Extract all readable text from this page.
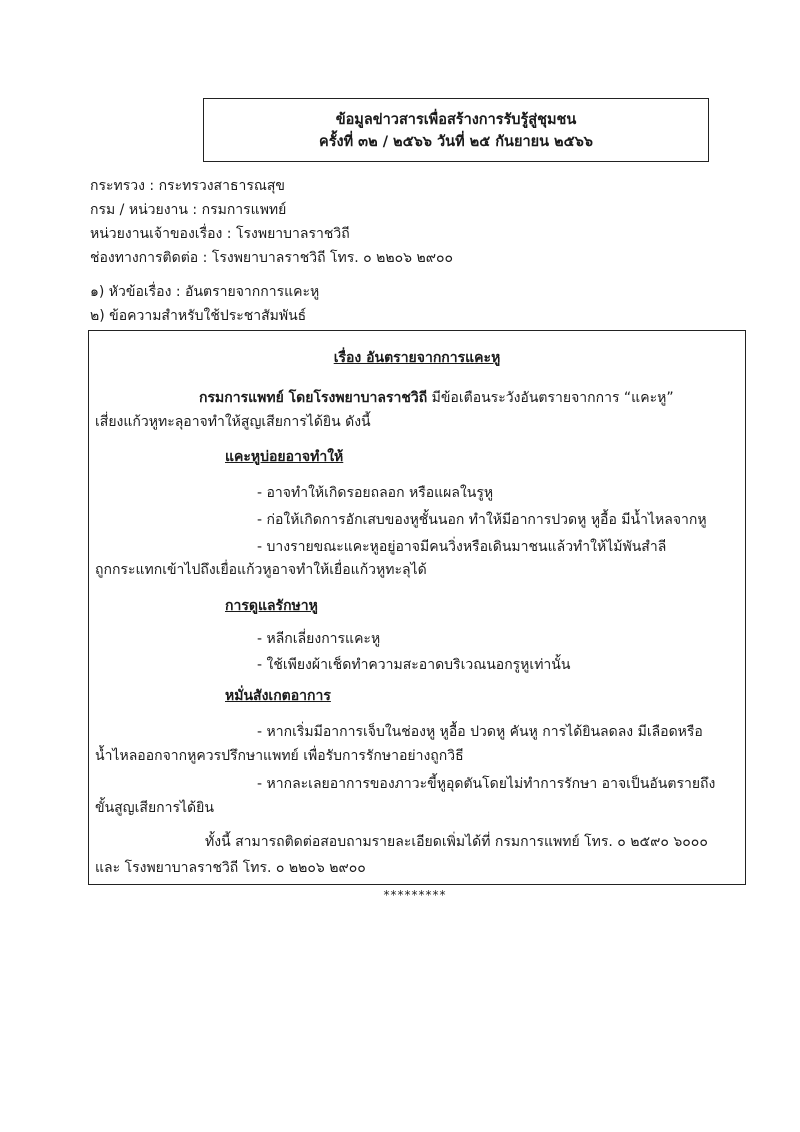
ข้อมูลข่าวสารเพื่อสร้างการรับรู้สู่ชุมชน
ครั้งที่ ๓๒ / ๒๕๖๖ วันที่ ๒๕ กันยายน ๒๕๖๖
กระทรวง : กระทรวงสาธารณสุข
กรม / หน่วยงาน : กรมการแพทย์
หน่วยงานเจ้าของเรื่อง : โรงพยาบาลราชวิถี
ช่องทางการติดต่อ : โรงพยาบาลราชวิถี โทร. ๐ ๒๒๐๖ ๒๙๐๐
๑) หัวข้อเรื่อง : อันตรายจากการแคะหู
๒) ข้อความสำหรับใช้ประชาสัมพันธ์
เรื่อง อันตรายจากการแคะหู
กรมการแพทย์ โดยโรงพยาบาลราชวิถี มีข้อเตือนระวังอันตรายจากการ “แคะหู”
เสี่ยงแก้วหูทะลุอาจทำให้สูญเสียการได้ยิน ดังนี้
แคะหูบ่อยอาจทำให้
- อาจทำให้เกิดรอยถลอก หรือแผลในรูหู
- ก่อให้เกิดการอักเสบของหูชั้นนอก ทำให้มีอาการปวดหู หูอื้อ มีน้ำไหลจากหู
- บางรายขณะแคะหูอยู่อาจมีคนวิ่งหรือเดินมาชนแล้วทำให้ไม้พันสำลี
ถูกกระแทกเข้าไปถึงเยื่อแก้วหูอาจทำให้เยื่อแก้วหูทะลุได้
การดูแลรักษาหู
- หลีกเลี่ยงการแคะหู
- ใช้เพียงผ้าเช็ดทำความสะอาดบริเวณนอกรูหูเท่านั้น
หมั่นสังเกตอาการ
- หากเริ่มมีอาการเจ็บในช่องหู หูอื้อ ปวดหู คันหู การได้ยินลดลง มีเลือดหรือ
น้ำไหลออกจากหูควรปรึกษาแพทย์ เพื่อรับการรักษาอย่างถูกวิธี
- หากละเลยอาการของภาวะขี้หูอุดตันโดยไม่ทำการรักษา อาจเป็นอันตรายถึง
ขั้นสูญเสียการได้ยิน
ทั้งนี้ สามารถติดต่อสอบถามรายละเอียดเพิ่มได้ที่ กรมการแพทย์ โทร. ๐ ๒๕๙๐ ๖๐๐๐
และ โรงพยาบาลราชวิถี โทร. ๐ ๒๒๐๖ ๒๙๐๐
*********
